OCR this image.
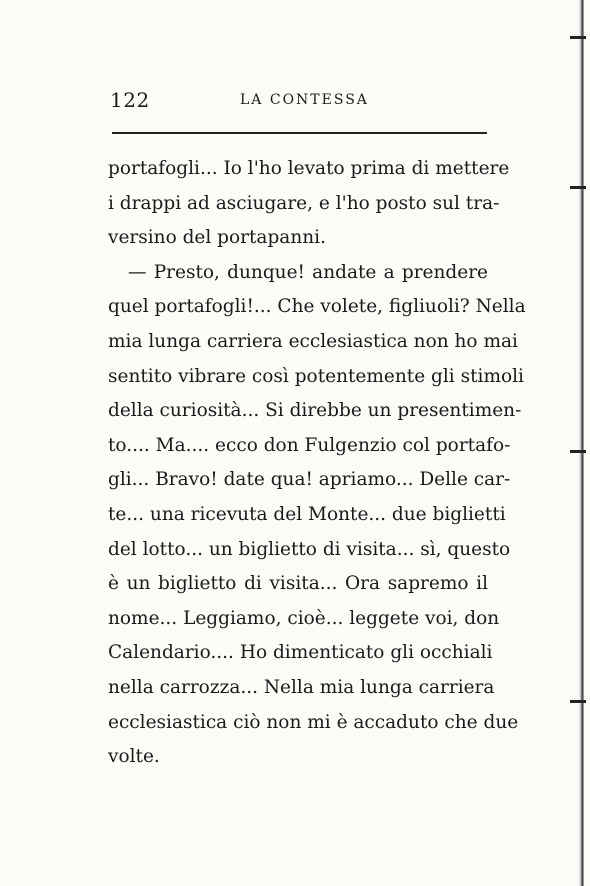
122	LA CONTESSA
portafogli... Io l'ho levato prima di mettere
i drappi ad asciugare, e l'ho posto sul tra-
versino del portapanni.
— Presto, dunque! andate a prendere
quel portafogli!... Che volete, figliuoli? Nella
mia lunga carriera ecclesiastica non ho mai
sentito vibrare così potentemente gli stimoli
della curiosità... Si direbbe un presentimen-
to.... Ma.... ecco don Fulgenzio col portafo-
gli... Bravo! date qua! apriamo... Delle car-
te... una ricevuta del Monte... due biglietti
del lotto... un biglietto di visita... sì, questo
è un biglietto di visita... Ora sapremo il
nome... Leggiamo, cioè... leggete voi, don
Calendario.... Ho dimenticato gli occhiali
nella carrozza... Nella mia lunga carriera
ecclesiastica ciò non mi è accaduto che due
volte.
